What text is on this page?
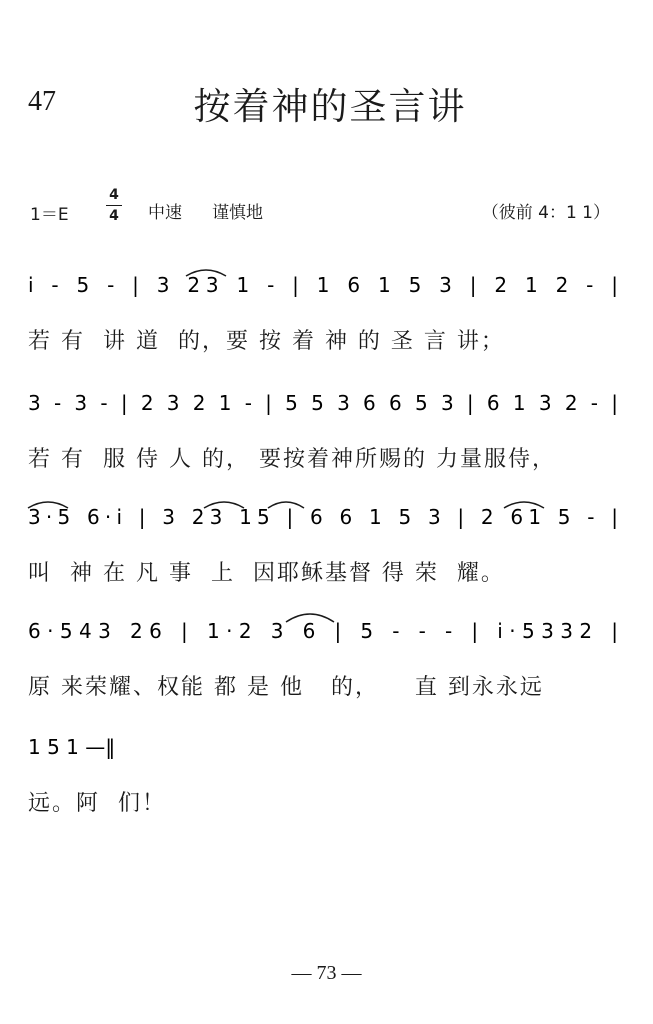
47	按着神的圣言讲
1＝E
4
4 中速 谨慎地	（彼前 4：1 1）
i - 5 - | 3 23 1 - | 1 6 1 5 3 | 2 1 2 - |
若 有  讲 道  的，要 按 着 神 的 圣 言 讲；
3 - 3 - | 2 3 2 1 - | 5 5 3 6 6 5 3 | 6 1 3 2 - |
若 有  服 侍 人 的， 要按着神所赐的 力量服侍，
3·5 6·i | 3 23 15 | 6 6 1 5 3 | 2 61 5 - |
叫  神 在 凡 事  上  因耶稣基督 得 荣  耀。
6·543 26 | 1·2 3 6 | 5 - - - | i·5332 |
原 来荣耀、权能 都 是 他   的，    直 到永永远
1 5 1 —‖
远。阿  们！
— 73 —
